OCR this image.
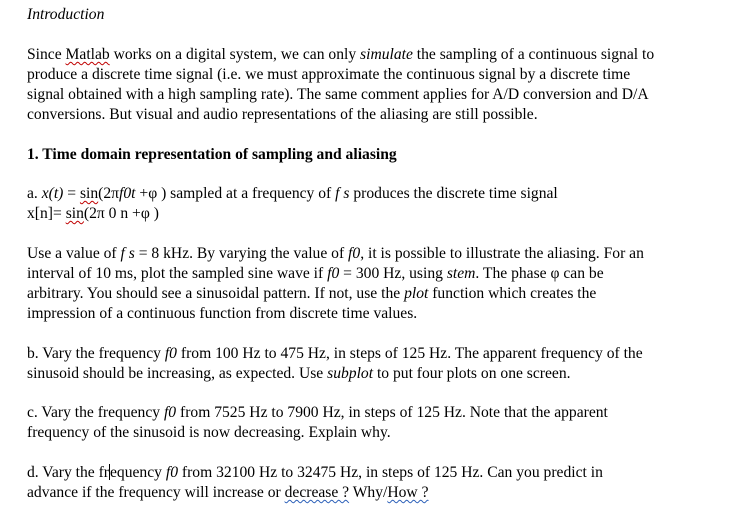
Introduction
Since Matlab works on a digital system, we can only simulate the sampling of a continuous signal to
produce a discrete time signal (i.e. we must approximate the continuous signal by a discrete time
signal obtained with a high sampling rate). The same comment applies for A/D conversion and D/A
conversions. But visual and audio representations of the aliasing are still possible.
1. Time domain representation of sampling and aliasing
a. x(t) = sin(2πf0t +φ ) sampled at a frequency of f s produces the discrete time signal
x[n]= sin(2π 0 n +φ )
Use a value of f s = 8 kHz. By varying the value of f0, it is possible to illustrate the aliasing. For an
interval of 10 ms, plot the sampled sine wave if f0 = 300 Hz, using stem. The phase φ can be
arbitrary. You should see a sinusoidal pattern. If not, use the plot function which creates the
impression of a continuous function from discrete time values.
b. Vary the frequency f0 from 100 Hz to 475 Hz, in steps of 125 Hz. The apparent frequency of the
sinusoid should be increasing, as expected. Use subplot to put four plots on one screen.
c. Vary the frequency f0 from 7525 Hz to 7900 Hz, in steps of 125 Hz. Note that the apparent
frequency of the sinusoid is now decreasing. Explain why.
d. Vary the frequency f0 from 32100 Hz to 32475 Hz, in steps of 125 Hz. Can you predict in
advance if the frequency will increase or decrease ? Why/How ?
